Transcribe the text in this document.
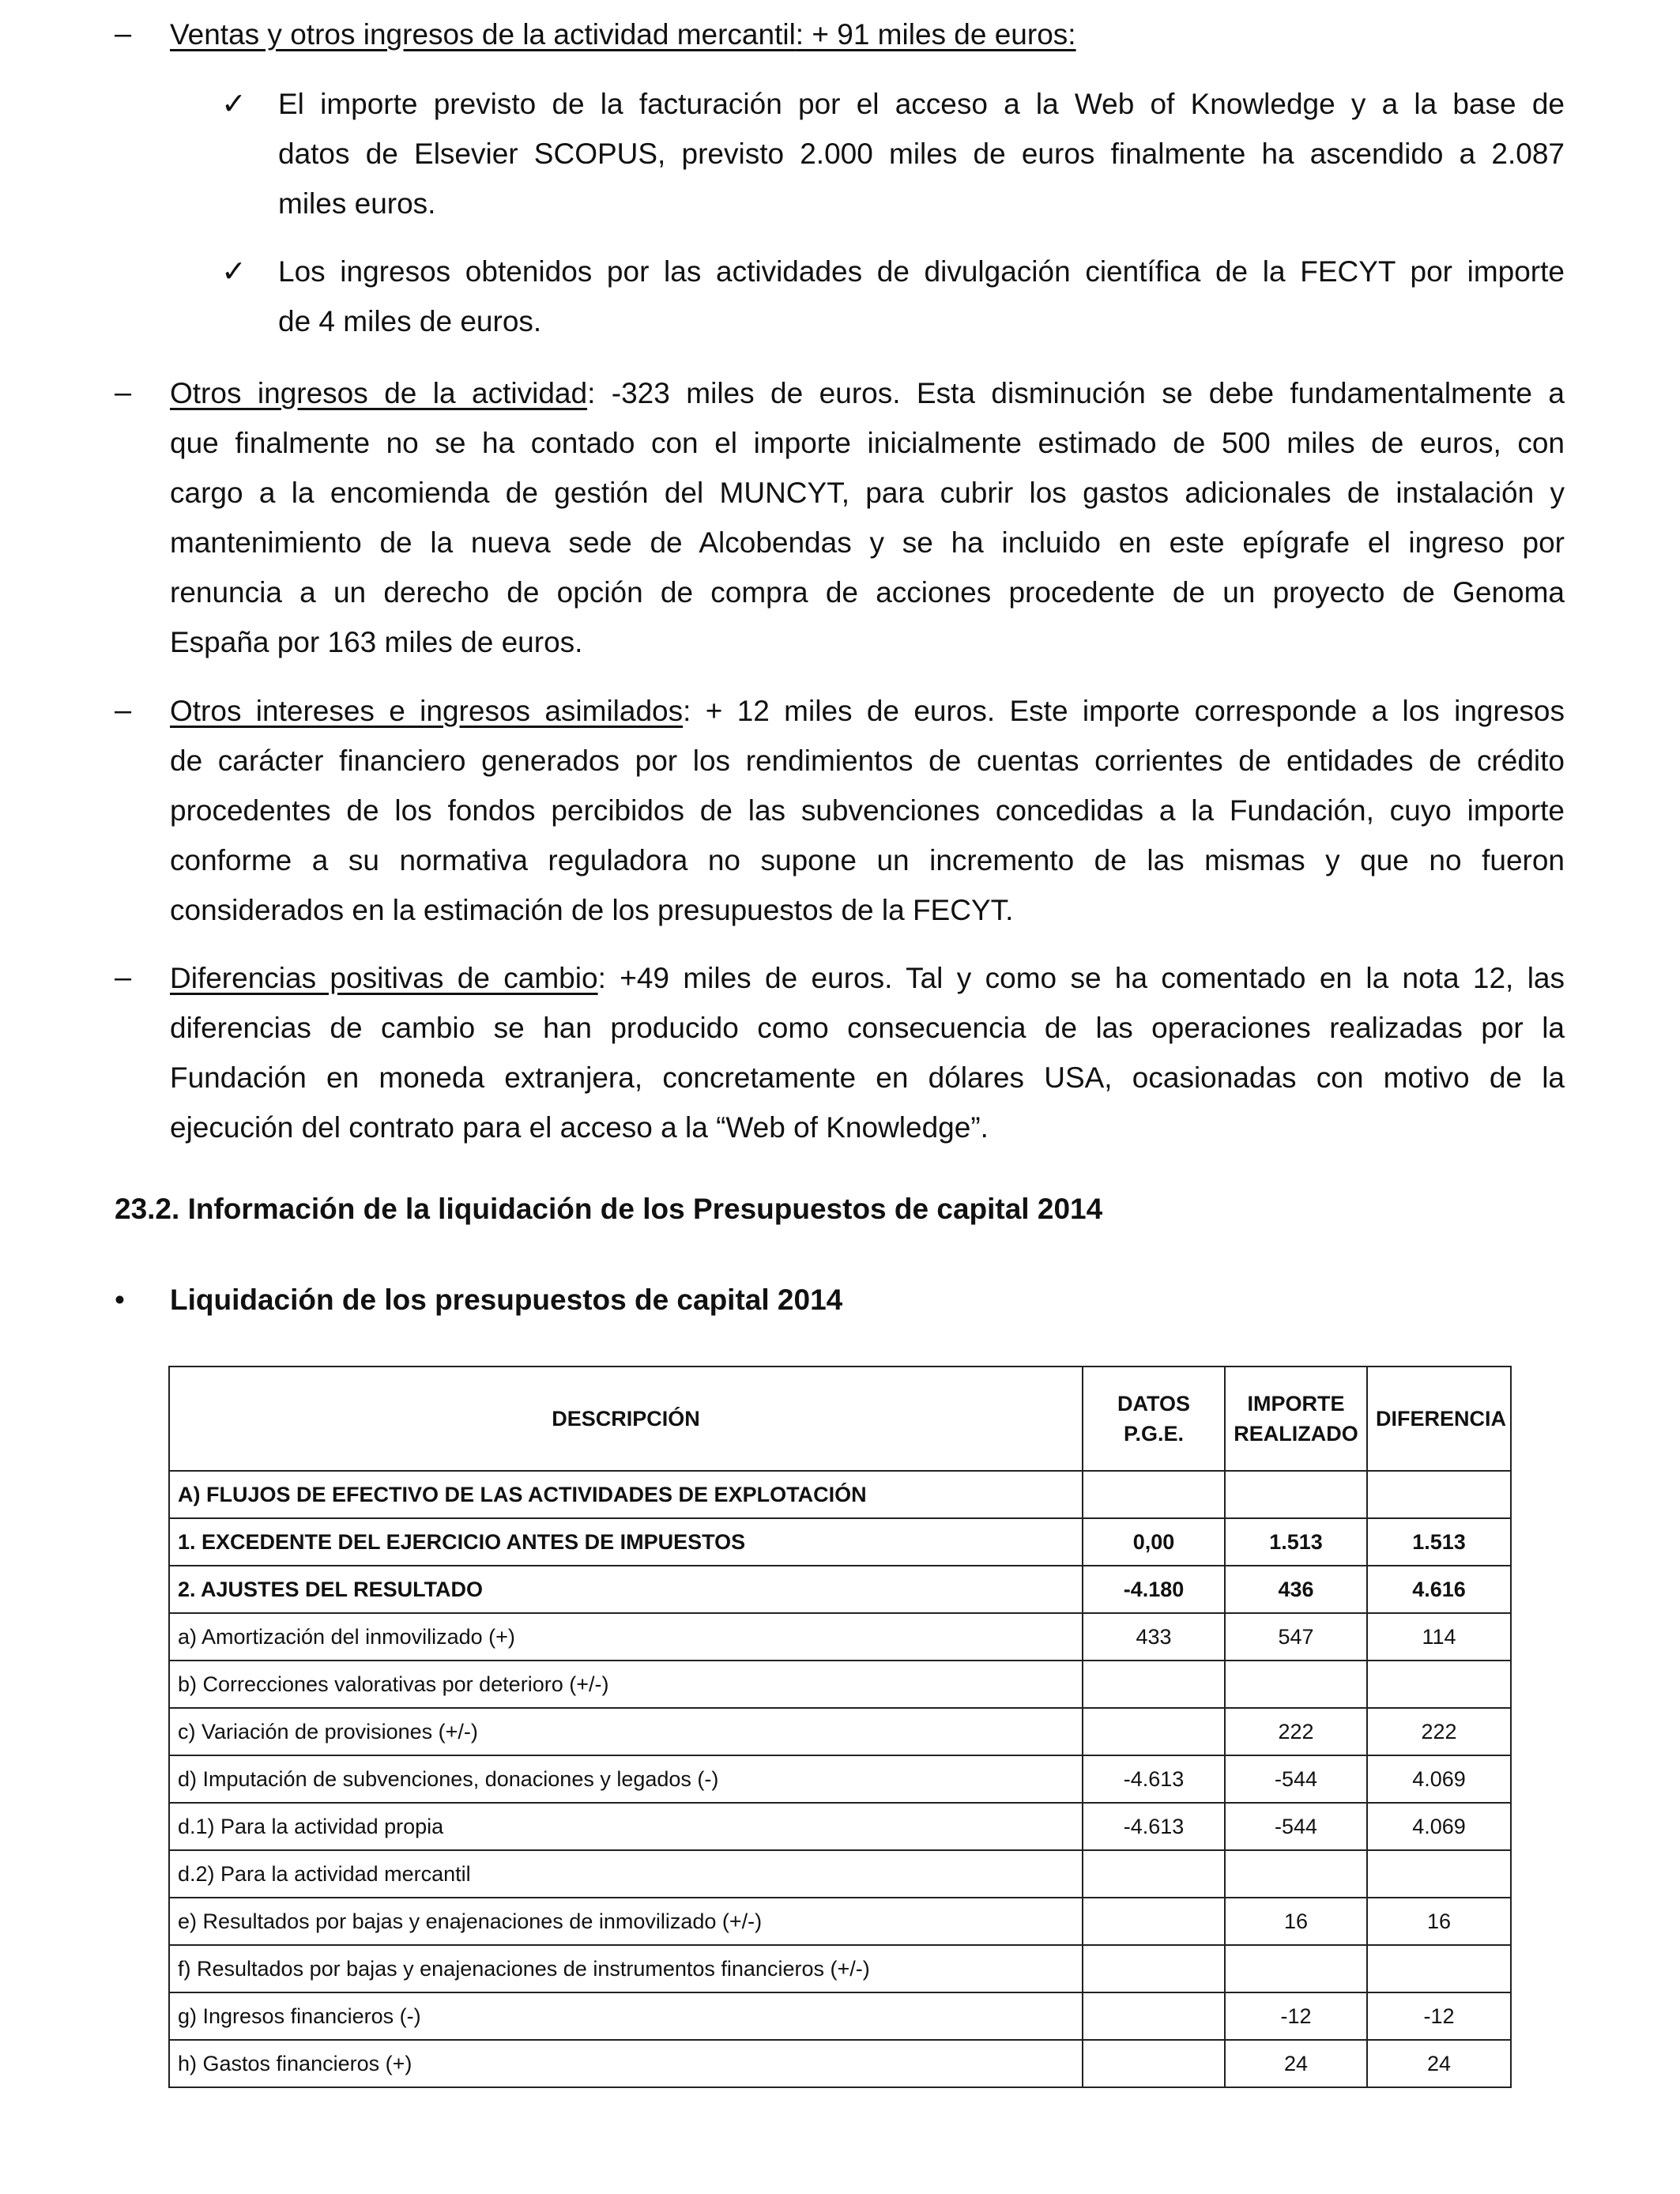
– Ventas y otros ingresos de la actividad mercantil: + 91 miles de euros:
✓ El importe previsto de la facturación por el acceso a la Web of Knowledge y a la base de
datos de Elsevier SCOPUS, previsto 2.000 miles de euros finalmente ha ascendido a 2.087
miles euros.
✓ Los ingresos obtenidos por las actividades de divulgación científica de la FECYT por importe
de 4 miles de euros.
– Otros ingresos de la actividad: -323 miles de euros. Esta disminución se debe fundamentalmente a
que finalmente no se ha contado con el importe inicialmente estimado de 500 miles de euros, con
cargo a la encomienda de gestión del MUNCYT, para cubrir los gastos adicionales de instalación y
mantenimiento de la nueva sede de Alcobendas y se ha incluido en este epígrafe el ingreso por
renuncia a un derecho de opción de compra de acciones procedente de un proyecto de Genoma
España por 163 miles de euros.
– Otros intereses e ingresos asimilados: + 12 miles de euros. Este importe corresponde a los ingresos
de carácter financiero generados por los rendimientos de cuentas corrientes de entidades de crédito
procedentes de los fondos percibidos de las subvenciones concedidas a la Fundación, cuyo importe
conforme a su normativa reguladora no supone un incremento de las mismas y que no fueron
considerados en la estimación de los presupuestos de la FECYT.
– Diferencias positivas de cambio: +49 miles de euros. Tal y como se ha comentado en la nota 12, las
diferencias de cambio se han producido como consecuencia de las operaciones realizadas por la
Fundación en moneda extranjera, concretamente en dólares USA, ocasionadas con motivo de la
ejecución del contrato para el acceso a la “Web of Knowledge”.
23.2. Información de la liquidación de los Presupuestos de capital 2014
• Liquidación de los presupuestos de capital 2014
DESCRIPCIÓN	DATOS P.G.E.	IMPORTE REALIZADO	DIFERENCIA
A) FLUJOS DE EFECTIVO DE LAS ACTIVIDADES DE EXPLOTACIÓN			
1. EXCEDENTE DEL EJERCICIO ANTES DE IMPUESTOS	0,00	1.513	1.513
2. AJUSTES DEL RESULTADO	-4.180	436	4.616
a) Amortización del inmovilizado (+)	433	547	114
b) Correcciones valorativas por deterioro (+/-)			
c) Variación de provisiones (+/-)		222	222
d) Imputación de subvenciones, donaciones y legados (-)	-4.613	-544	4.069
d.1) Para la actividad propia	-4.613	-544	4.069
d.2) Para la actividad mercantil			
e) Resultados por bajas y enajenaciones de inmovilizado (+/-)		16	16
f) Resultados por bajas y enajenaciones de instrumentos financieros (+/-)			
g) Ingresos financieros (-)		-12	-12
h) Gastos financieros (+)		24	24
